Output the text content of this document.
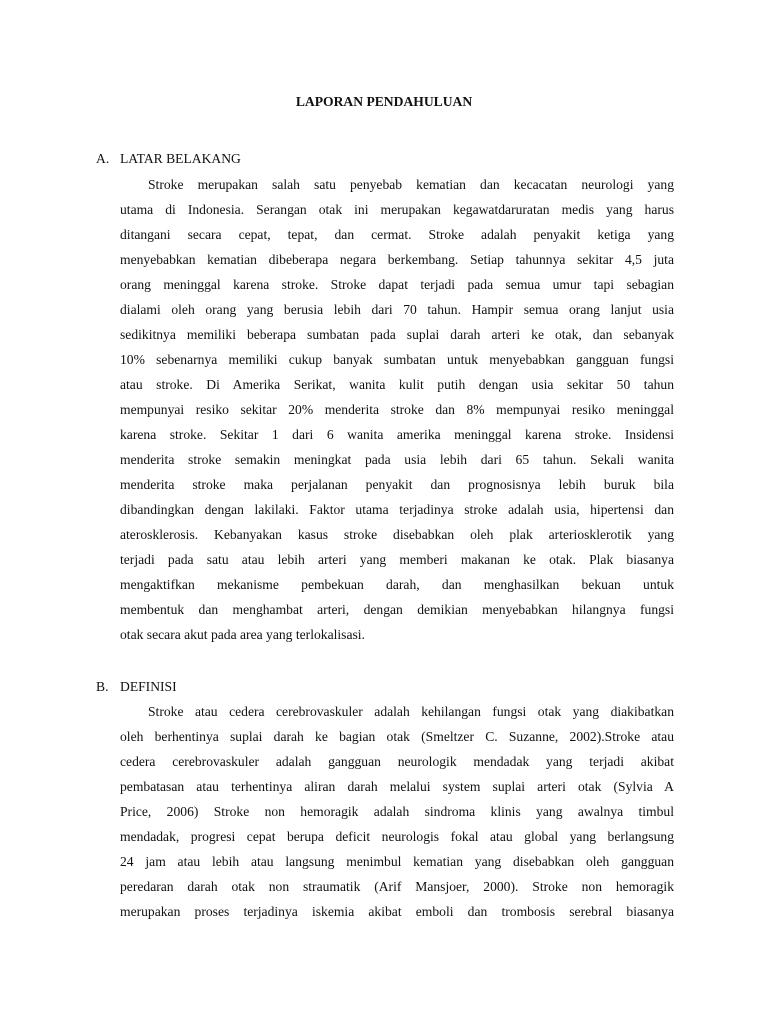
LAPORAN PENDAHULUAN
A. LATAR BELAKANG
Stroke merupakan salah satu penyebab kematian dan kecacatan neurologi yang
utama di Indonesia. Serangan otak ini merupakan kegawatdaruratan medis yang harus
ditangani secara cepat, tepat, dan cermat. Stroke adalah penyakit ketiga yang
menyebabkan kematian dibeberapa negara berkembang. Setiap tahunnya sekitar 4,5 juta
orang meninggal karena stroke. Stroke dapat terjadi pada semua umur tapi sebagian
dialami oleh orang yang berusia lebih dari 70 tahun. Hampir semua orang lanjut usia
sedikitnya memiliki beberapa sumbatan pada suplai darah arteri ke otak, dan sebanyak
10% sebenarnya memiliki cukup banyak sumbatan untuk menyebabkan gangguan fungsi
atau stroke. Di Amerika Serikat, wanita kulit putih dengan usia sekitar 50 tahun
mempunyai resiko sekitar 20% menderita stroke dan 8% mempunyai resiko meninggal
karena stroke. Sekitar 1 dari 6 wanita amerika meninggal karena stroke. Insidensi
menderita stroke semakin meningkat pada usia lebih dari 65 tahun. Sekali wanita
menderita stroke maka perjalanan penyakit dan prognosisnya lebih buruk bila
dibandingkan dengan lakilaki. Faktor utama terjadinya stroke adalah usia, hipertensi dan
aterosklerosis. Kebanyakan kasus stroke disebabkan oleh plak arteriosklerotik yang
terjadi pada satu atau lebih arteri yang memberi makanan ke otak. Plak biasanya
mengaktifkan mekanisme pembekuan darah, dan menghasilkan bekuan untuk
membentuk dan menghambat arteri, dengan demikian menyebabkan hilangnya fungsi
otak secara akut pada area yang terlokalisasi.
B. DEFINISI
Stroke atau cedera cerebrovaskuler adalah kehilangan fungsi otak yang diakibatkan
oleh berhentinya suplai darah ke bagian otak (Smeltzer C. Suzanne, 2002).Stroke atau
cedera cerebrovaskuler adalah gangguan neurologik mendadak yang terjadi akibat
pembatasan atau terhentinya aliran darah melalui system suplai arteri otak (Sylvia A
Price, 2006) Stroke non hemoragik adalah sindroma klinis yang awalnya timbul
mendadak, progresi cepat berupa deficit neurologis fokal atau global yang berlangsung
24 jam atau lebih atau langsung menimbul kematian yang disebabkan oleh gangguan
peredaran darah otak non straumatik (Arif Mansjoer, 2000). Stroke non hemoragik
merupakan proses terjadinya iskemia akibat emboli dan trombosis serebral biasanya
